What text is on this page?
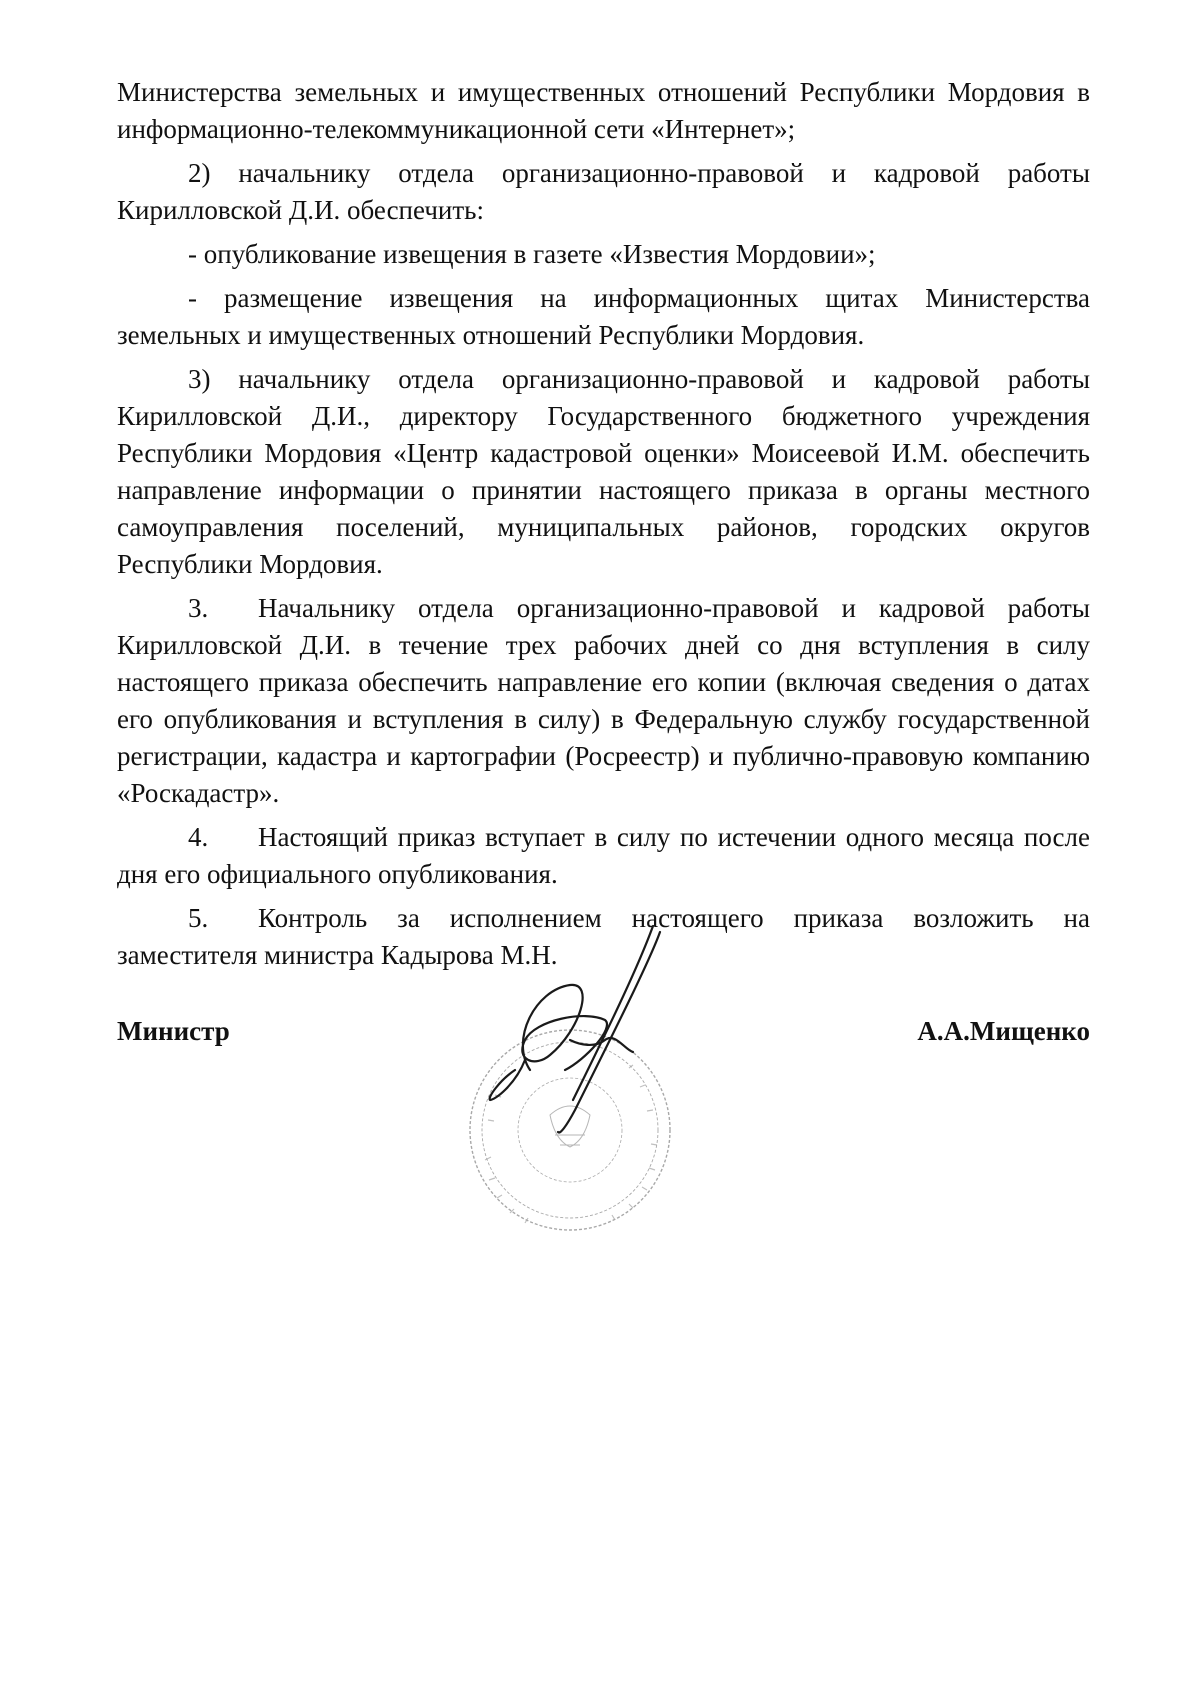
Министерства земельных и имущественных отношений Республики Мордовия в информационно-телекоммуникационной сети «Интернет»;

2) начальнику отдела организационно-правовой и кадровой работы Кирилловской Д.И. обеспечить:

- опубликование извещения в газете «Известия Мордовии»;

- размещение извещения на информационных щитах Министерства земельных и имущественных отношений Республики Мордовия.

3) начальнику отдела организационно-правовой и кадровой работы Кирилловской Д.И., директору Государственного бюджетного учреждения Республики Мордовия «Центр кадастровой оценки» Моисеевой И.М. обеспечить направление информации о принятии настоящего приказа в органы местного самоуправления поселений, муниципальных районов, городских округов Республики Мордовия.

3. Начальнику отдела организационно-правовой и кадровой работы Кирилловской Д.И. в течение трех рабочих дней со дня вступления в силу настоящего приказа обеспечить направление его копии (включая сведения о датах его опубликования и вступления в силу) в Федеральную службу государственной регистрации, кадастра и картографии (Росреестр) и публично-правовую компанию «Роскадастр».

4. Настоящий приказ вступает в силу по истечении одного месяца после дня его официального опубликования.

5. Контроль за исполнением настоящего приказа возложить на заместителя министра Кадырова М.Н.

Министр	А.А.Мищенко
